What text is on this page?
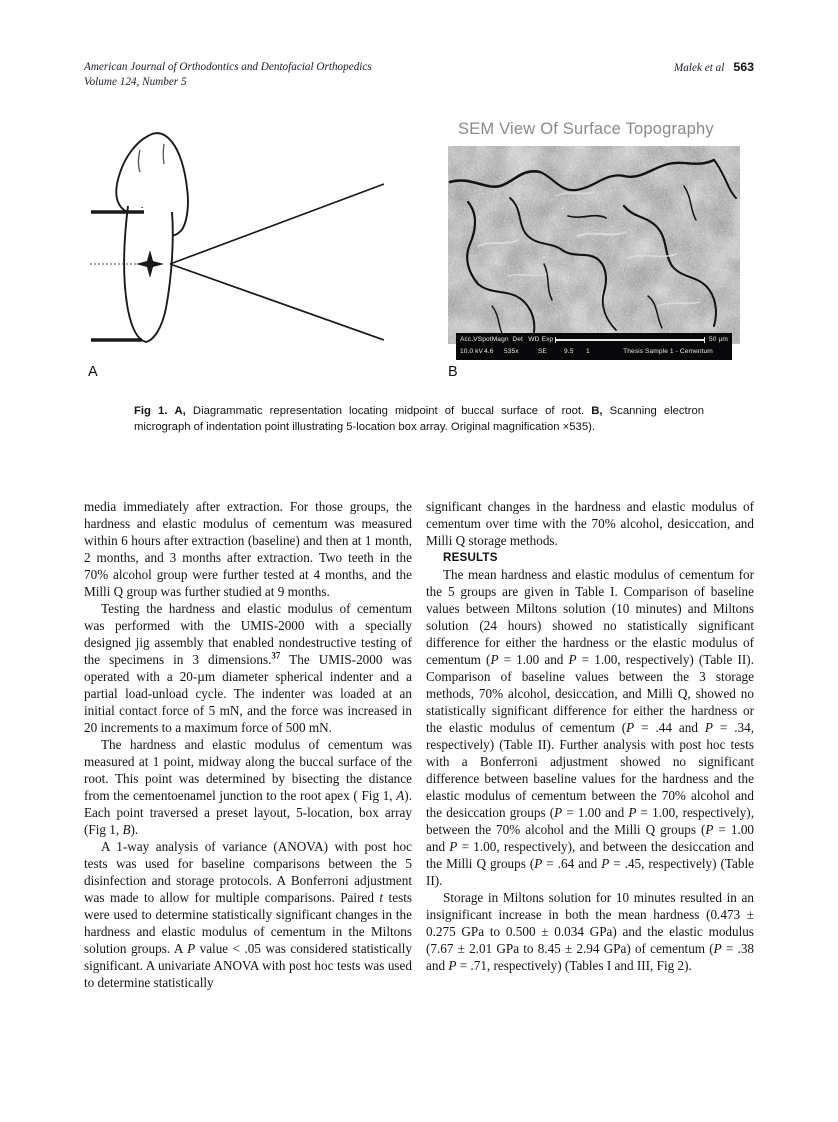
American Journal of Orthodontics and Dentofacial Orthopedics
Volume 124, Number 5
Malek et al 563
SEM View Of Surface Topography
Acc.V Spot Magn Det WD Exp	50 µm
10.0 kV 4.6	535x	SE	9.5	1	Thesis Sample 1 - Cementum
A	B
Fig 1. A, Diagrammatic representation locating midpoint of buccal surface of root. B, Scanning electron micrograph of indentation point illustrating 5-location box array. Original magnification ×535).

media immediately after extraction. For those groups, the hardness and elastic modulus of cementum was measured within 6 hours after extraction (baseline) and then at 1 month, 2 months, and 3 months after extraction. Two teeth in the 70% alcohol group were further tested at 4 months, and the Milli Q group was further studied at 9 months.

Testing the hardness and elastic modulus of cementum was performed with the UMIS-2000 with a specially designed jig assembly that enabled nondestructive testing of the specimens in 3 dimensions.$^{37}$ The UMIS-2000 was operated with a 20-µm diameter spherical indenter and a partial load-unload cycle. The indenter was loaded at an initial contact force of 5 mN, and the force was increased in 20 increments to a maximum force of 500 mN.

The hardness and elastic modulus of cementum was measured at 1 point, midway along the buccal surface of the root. This point was determined by bisecting the distance from the cementoenamel junction to the root apex ( Fig 1, A). Each point traversed a preset layout, 5-location, box array (Fig 1, B).

A 1-way analysis of variance (ANOVA) with post hoc tests was used for baseline comparisons between the 5 disinfection and storage protocols. A Bonferroni adjustment was made to allow for multiple comparisons. Paired t tests were used to determine statistically significant changes in the hardness and elastic modulus of cementum in the Miltons solution groups. A P value < .05 was considered statistically significant. A univariate ANOVA with post hoc tests was used to determine statistically

significant changes in the hardness and elastic modulus of cementum over time with the 70% alcohol, desiccation, and Milli Q storage methods.

RESULTS

The mean hardness and elastic modulus of cementum for the 5 groups are given in Table I. Comparison of baseline values between Miltons solution (10 minutes) and Miltons solution (24 hours) showed no statistically significant difference for either the hardness or the elastic modulus of cementum (P = 1.00 and P = 1.00, respectively) (Table II). Comparison of baseline values between the 3 storage methods, 70% alcohol, desiccation, and Milli Q, showed no statistically significant difference for either the hardness or the elastic modulus of cementum (P = .44 and P = .34, respectively) (Table II). Further analysis with post hoc tests with a Bonferroni adjustment showed no significant difference between baseline values for the hardness and the elastic modulus of cementum between the 70% alcohol and the desiccation groups (P = 1.00 and P = 1.00, respectively), between the 70% alcohol and the Milli Q groups (P = 1.00 and P = 1.00, respectively), and between the desiccation and the Milli Q groups (P = .64 and P = .45, respectively) (Table II).

Storage in Miltons solution for 10 minutes resulted in an insignificant increase in both the mean hardness (0.473 ± 0.275 GPa to 0.500 ± 0.034 GPa) and the elastic modulus (7.67 ± 2.01 GPa to 8.45 ± 2.94 GPa) of cementum (P = .38 and P = .71, respectively) (Tables I and III, Fig 2).
